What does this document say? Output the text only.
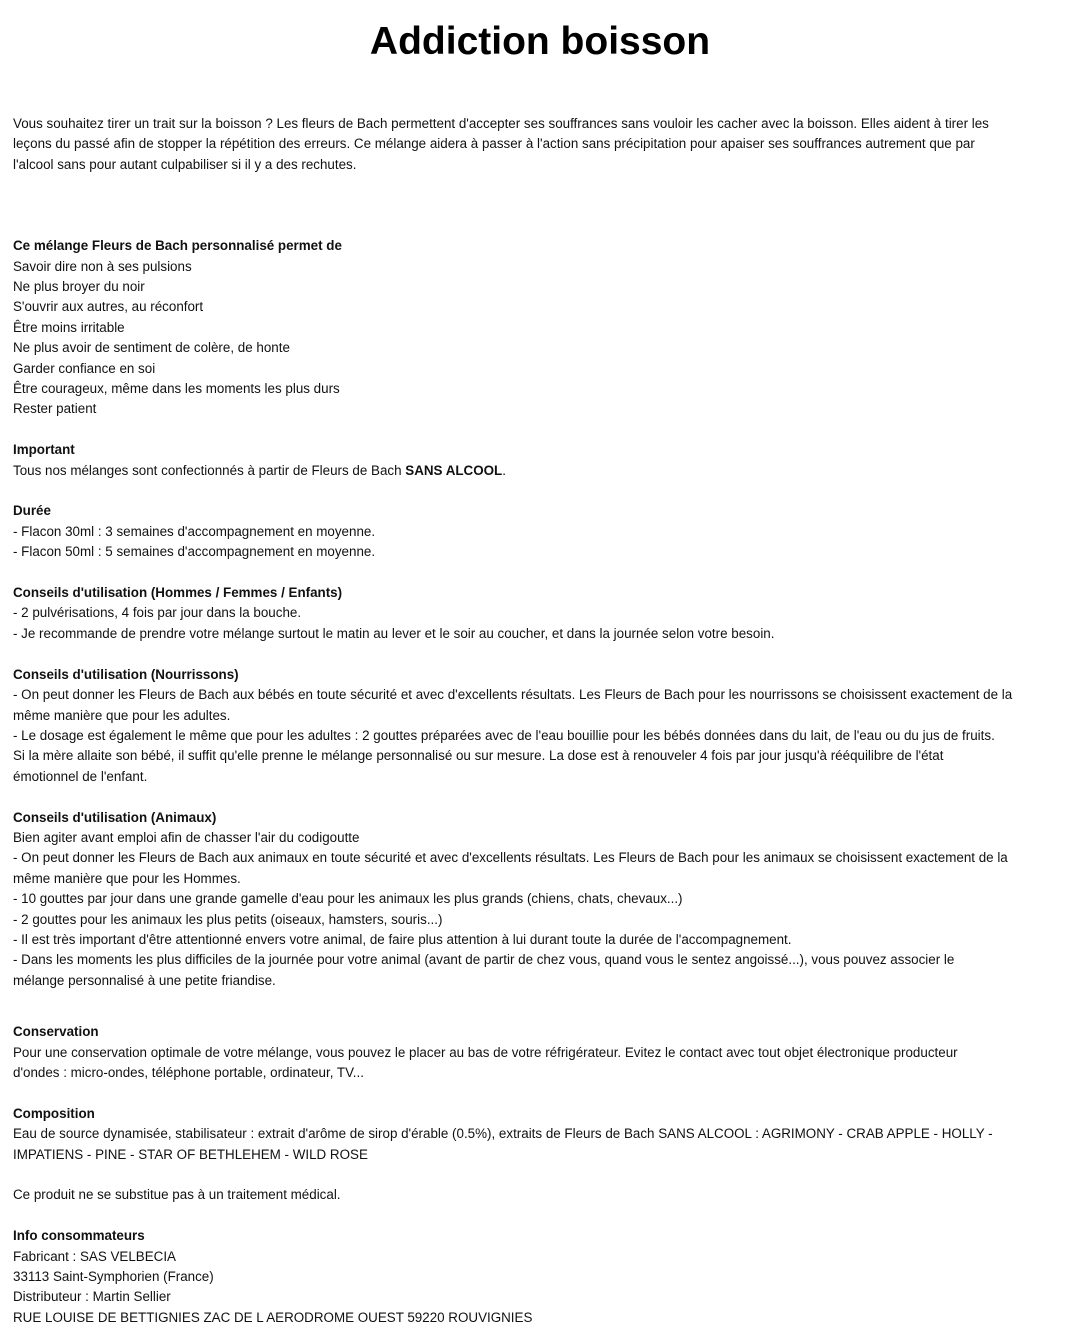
Addiction boisson
Vous souhaitez tirer un trait sur la boisson ? Les fleurs de Bach permettent d'accepter ses souffrances sans vouloir les cacher avec la boisson. Elles aident à tirer les
leçons du passé afin de stopper la répétition des erreurs. Ce mélange aidera à passer à l'action sans précipitation pour apaiser ses souffrances autrement que par
l'alcool sans pour autant culpabiliser si il y a des rechutes.
Ce mélange Fleurs de Bach personnalisé permet de
Savoir dire non à ses pulsions
Ne plus broyer du noir
S'ouvrir aux autres, au réconfort
Être moins irritable
Ne plus avoir de sentiment de colère, de honte
Garder confiance en soi
Être courageux, même dans les moments les plus durs
Rester patient
Important
Tous nos mélanges sont confectionnés à partir de Fleurs de Bach SANS ALCOOL.
Durée
- Flacon 30ml : 3 semaines d'accompagnement en moyenne.
- Flacon 50ml : 5 semaines d'accompagnement en moyenne.
Conseils d'utilisation (Hommes / Femmes / Enfants)
- 2 pulvérisations, 4 fois par jour dans la bouche.
- Je recommande de prendre votre mélange surtout le matin au lever et le soir au coucher, et dans la journée selon votre besoin.
Conseils d'utilisation (Nourrissons)
- On peut donner les Fleurs de Bach aux bébés en toute sécurité et avec d'excellents résultats. Les Fleurs de Bach pour les nourrissons se choisissent exactement de la
même manière que pour les adultes.
- Le dosage est également le même que pour les adultes : 2 gouttes préparées avec de l'eau bouillie pour les bébés données dans du lait, de l'eau ou du jus de fruits.
Si la mère allaite son bébé, il suffit qu'elle prenne le mélange personnalisé ou sur mesure. La dose est à renouveler 4 fois par jour jusqu'à rééquilibre de l'état
émotionnel de l'enfant.
Conseils d'utilisation (Animaux)
Bien agiter avant emploi afin de chasser l'air du codigoutte
- On peut donner les Fleurs de Bach aux animaux en toute sécurité et avec d'excellents résultats. Les Fleurs de Bach pour les animaux se choisissent exactement de la
même manière que pour les Hommes.
- 10 gouttes par jour dans une grande gamelle d'eau pour les animaux les plus grands (chiens, chats, chevaux...)
- 2 gouttes pour les animaux les plus petits (oiseaux, hamsters, souris...)
- Il est très important d'être attentionné envers votre animal, de faire plus attention à lui durant toute la durée de l'accompagnement.
- Dans les moments les plus difficiles de la journée pour votre animal (avant de partir de chez vous, quand vous le sentez angoissé...), vous pouvez associer le
mélange personnalisé à une petite friandise.
Conservation
Pour une conservation optimale de votre mélange, vous pouvez le placer au bas de votre réfrigérateur. Evitez le contact avec tout objet électronique producteur
d'ondes : micro-ondes, téléphone portable, ordinateur, TV...
Composition
Eau de source dynamisée, stabilisateur : extrait d'arôme de sirop d'érable (0.5%), extraits de Fleurs de Bach SANS ALCOOL : AGRIMONY - CRAB APPLE - HOLLY -
IMPATIENS - PINE - STAR OF BETHLEHEM - WILD ROSE
Ce produit ne se substitue pas à un traitement médical.
Info consommateurs
Fabricant : SAS VELBECIA
33113 Saint-Symphorien (France)
Distributeur : Martin Sellier
RUE LOUISE DE BETTIGNIES ZAC DE L AERODROME OUEST 59220 ROUVIGNIES
